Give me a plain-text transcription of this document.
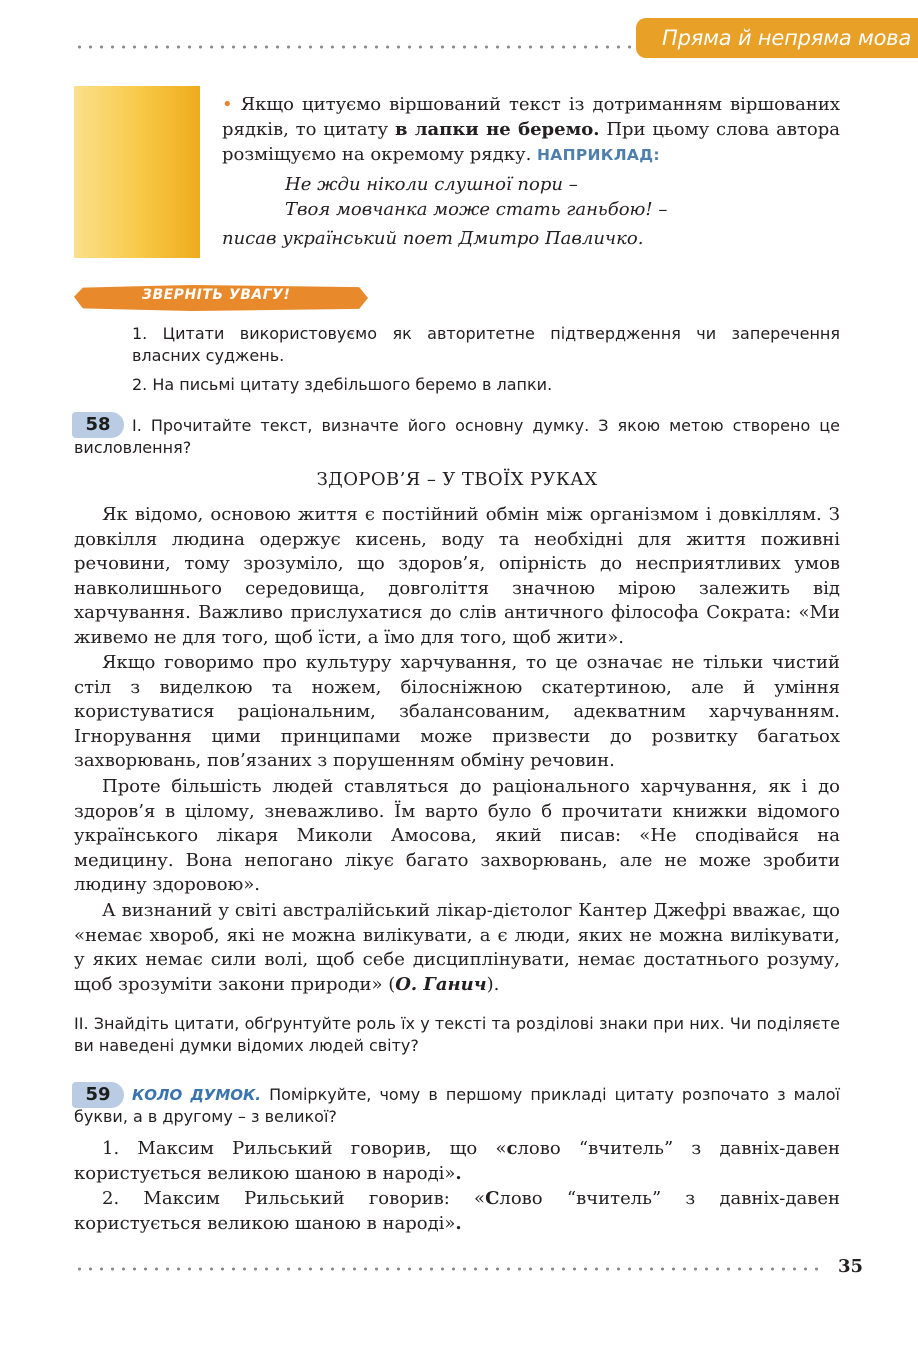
Пряма й непряма мова
• Якщо цитуємо віршований текст із дотриманням віршованих рядків, то цитату в лапки не беремо. При цьому слова автора розміщуємо на окремому рядку. НАПРИКЛАД:
Не жди ніколи слушної пори –
Твоя мовчанка може стать ганьбою! –
писав український поет Дмитро Павличко.
ЗВЕРНІТЬ УВАГУ!
1. Цитати використовуємо як авторитетне підтвердження чи заперечення власних суджень.
2. На письмі цитату здебільшого беремо в лапки.
58	І. Прочитайте текст, визначте його основну думку. З якою метою створено це висловлення?
ЗДОРОВ’Я – У ТВОЇХ РУКАХ

Як відомо, основою життя є постійний обмін між організмом і довкіллям. З довкілля людина одержує кисень, воду та необхідні для життя поживні речовини, тому зрозуміло, що здоров’я, опірність до несприятливих умов навколишнього середовища, довголіття значною мірою залежить від харчування. Важливо прислухатися до слів античного філософа Сократа: «Ми живемо не для того, щоб їсти, а їмо для того, щоб жити».

Якщо говоримо про культуру харчування, то це означає не тільки чистий стіл з виделкою та ножем, білосніжною скатертиною, але й уміння користуватися раціональним, збалансованим, адекватним харчуванням. Ігнорування цими принципами може призвести до розвитку багатьох захворювань, пов’язаних з порушенням обміну речовин.

Проте більшість людей ставляться до раціонального харчування, як і до здоров’я в цілому, зневажливо. Їм варто було б прочитати книжки відомого українського лікаря Миколи Амосова, який писав: «Не сподівайся на медицину. Вона непогано лікує багато захворювань, але не може зробити людину здоровою».

А визнаний у світі австралійський лікар-дієтолог Кантер Джефрі вважає, що «немає хвороб, які не можна вилікувати, а є люди, яких не можна вилікувати, у яких немає сили волі, щоб себе дисциплінувати, немає достатнього розуму, щоб зрозуміти закони природи» (О. Ганич).

ІІ. Знайдіть цитати, обґрунтуйте роль їх у тексті та розділові знаки при них. Чи поділяєте ви наведені думки відомих людей світу?
59	КОЛО ДУМОК. Поміркуйте, чому в першому прикладі цитату розпочато з малої букви, а в другому – з великої?

1. Максим Рильський говорив, що «слово “вчитель” з давніх-давен користується великою шаною в народі».

2. Максим Рильський говорив: «Слово “вчитель” з давніх-давен користується великою шаною в народі».

35
